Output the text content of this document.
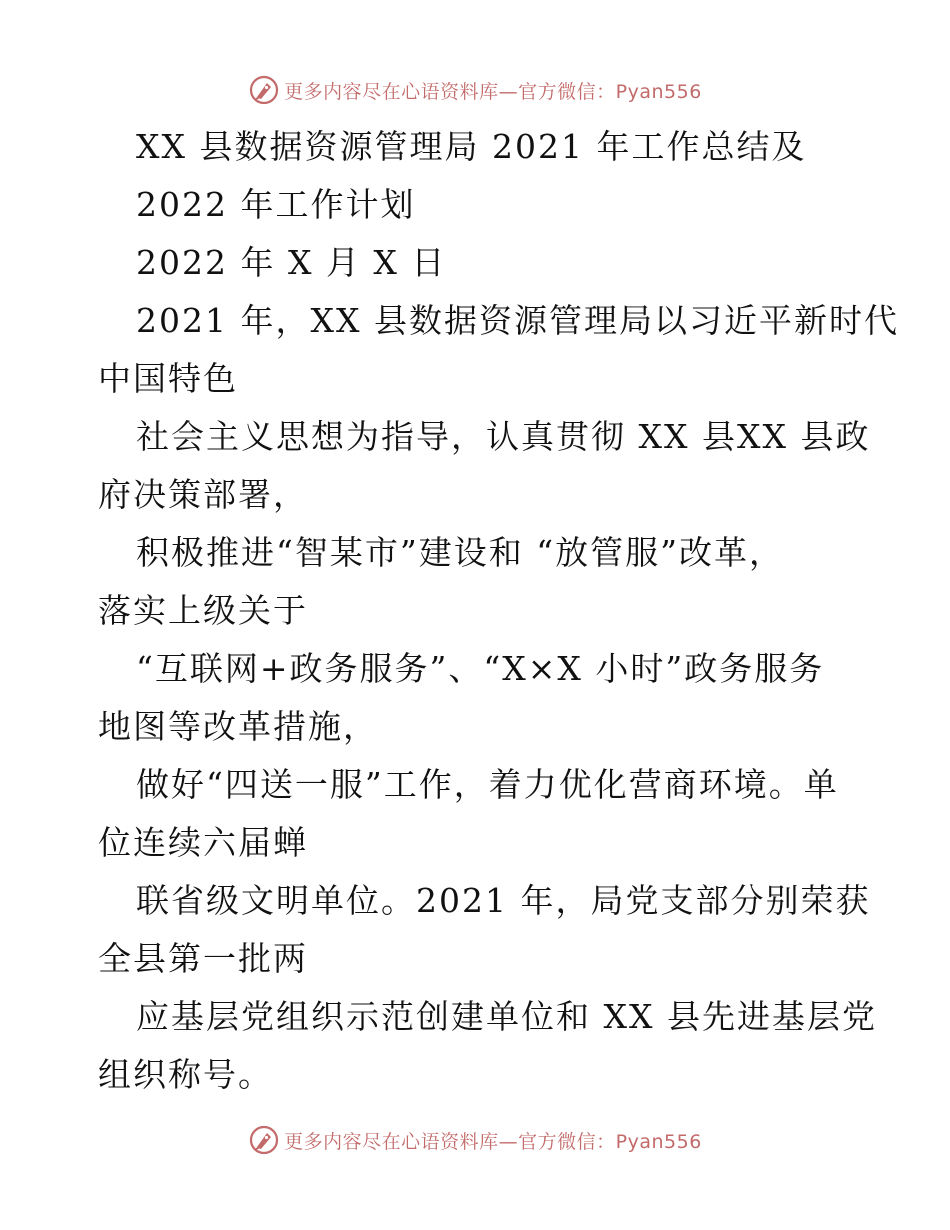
更多内容尽在心语资料库—官方微信：Pyan556
XX 县数据资源管理局 2021 年工作总结及
2022 年工作计划
2022 年 X 月 X 日
2021 年，XX 县数据资源管理局以习近平新时代
中国特色
社会主义思想为指导，认真贯彻 XX 县XX 县政
府决策部署，
积极推进“智某市”建设和 “放管服”改革，
落实上级关于
“互联网+政务服务”、“X×X 小时”政务服务
地图等改革措施，
做好“四送一服”工作，着力优化营商环境。单
位连续六届蝉
联省级文明单位。2021 年，局党支部分别荣获
全县第一批两
应基层党组织示范创建单位和 XX 县先进基层党
组织称号。
更多内容尽在心语资料库—官方微信：Pyan556
